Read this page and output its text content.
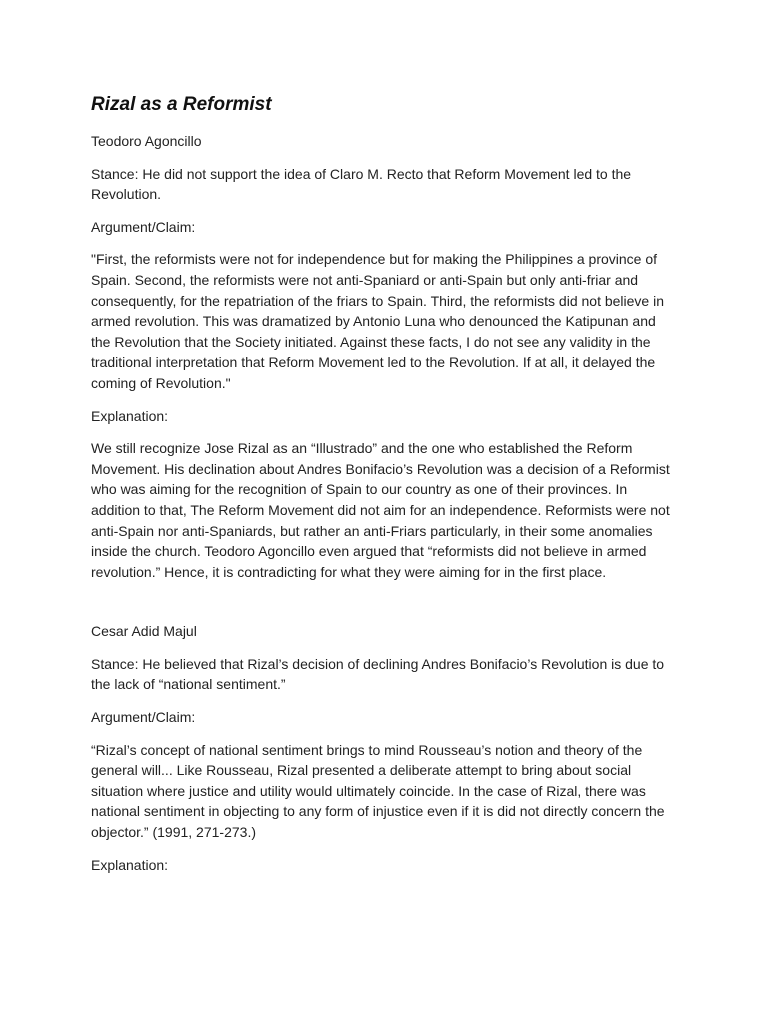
Rizal as a Reformist

Teodoro Agoncillo

Stance: He did not support the idea of Claro M. Recto that Reform Movement led to the Revolution.

Argument/Claim:

"First, the reformists were not for independence but for making the Philippines a province of Spain. Second, the reformists were not anti-Spaniard or anti-Spain but only anti-friar and consequently, for the repatriation of the friars to Spain. Third, the reformists did not believe in armed revolution. This was dramatized by Antonio Luna who denounced the Katipunan and the Revolution that the Society initiated. Against these facts, I do not see any validity in the traditional interpretation that Reform Movement led to the Revolution. If at all, it delayed the coming of Revolution."

Explanation:

We still recognize Jose Rizal as an “Illustrado” and the one who established the Reform Movement. His declination about Andres Bonifacio’s Revolution was a decision of a Reformist who was aiming for the recognition of Spain to our country as one of their provinces. In addition to that, The Reform Movement did not aim for an independence. Reformists were not anti-Spain nor anti-Spaniards, but rather an anti-Friars particularly, in their some anomalies inside the church. Teodoro Agoncillo even argued that “reformists did not believe in armed revolution.” Hence, it is contradicting for what they were aiming for in the first place.

Cesar Adid Majul

Stance: He believed that Rizal’s decision of declining Andres Bonifacio’s Revolution is due to the lack of “national sentiment.”

Argument/Claim:

“Rizal’s concept of national sentiment brings to mind Rousseau’s notion and theory of the general will... Like Rousseau, Rizal presented a deliberate attempt to bring about social situation where justice and utility would ultimately coincide. In the case of Rizal, there was national sentiment in objecting to any form of injustice even if it is did not directly concern the objector.” (1991, 271-273.)

Explanation:
